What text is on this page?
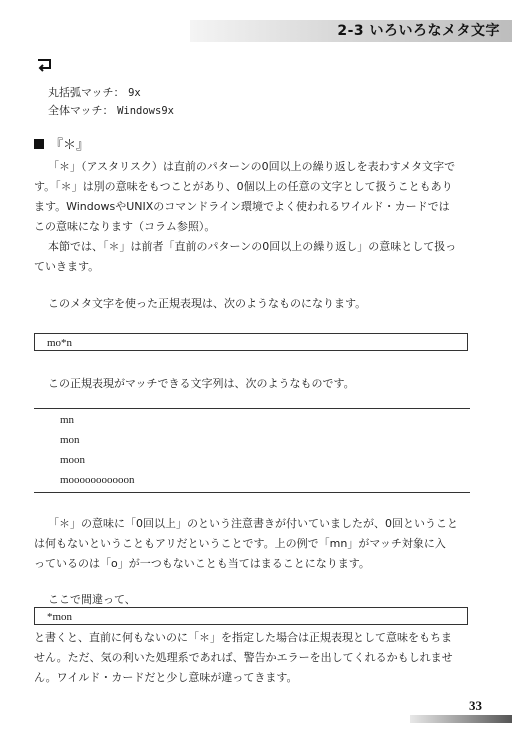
2-3 いろいろなメタ文字
丸括弧マッチ： 9x
全体マッチ： Windows9x
『＊』
「＊」（アスタリスク）は直前のパターンの0回以上の繰り返しを表わすメタ文字で
す。「＊」は別の意味をもつことがあり、0個以上の任意の文字として扱うこともあり
ます。WindowsやUNIXのコマンドライン環境でよく使われるワイルド・カードでは
この意味になります（コラム参照）。
本節では、「＊」は前者「直前のパターンの0回以上の繰り返し」の意味として扱っ
ていきます。
このメタ文字を使った正規表現は、次のようなものになります。
mo*n
この正規表現がマッチできる文字列は、次のようなものです。
mn
mon
moon
mooooooooooon
「＊」の意味に「0回以上」のという注意書きが付いていましたが、0回ということ
は何もないということもアリだということです。上の例で「mn」がマッチ対象に入
っているのは「o」が一つもないことも当てはまることになります。
ここで間違って、
*mon
と書くと、直前に何もないのに「＊」を指定した場合は正規表現として意味をもちま
せん。ただ、気の利いた処理系であれば、警告かエラーを出してくれるかもしれませ
ん。ワイルド・カードだと少し意味が違ってきます。
33
